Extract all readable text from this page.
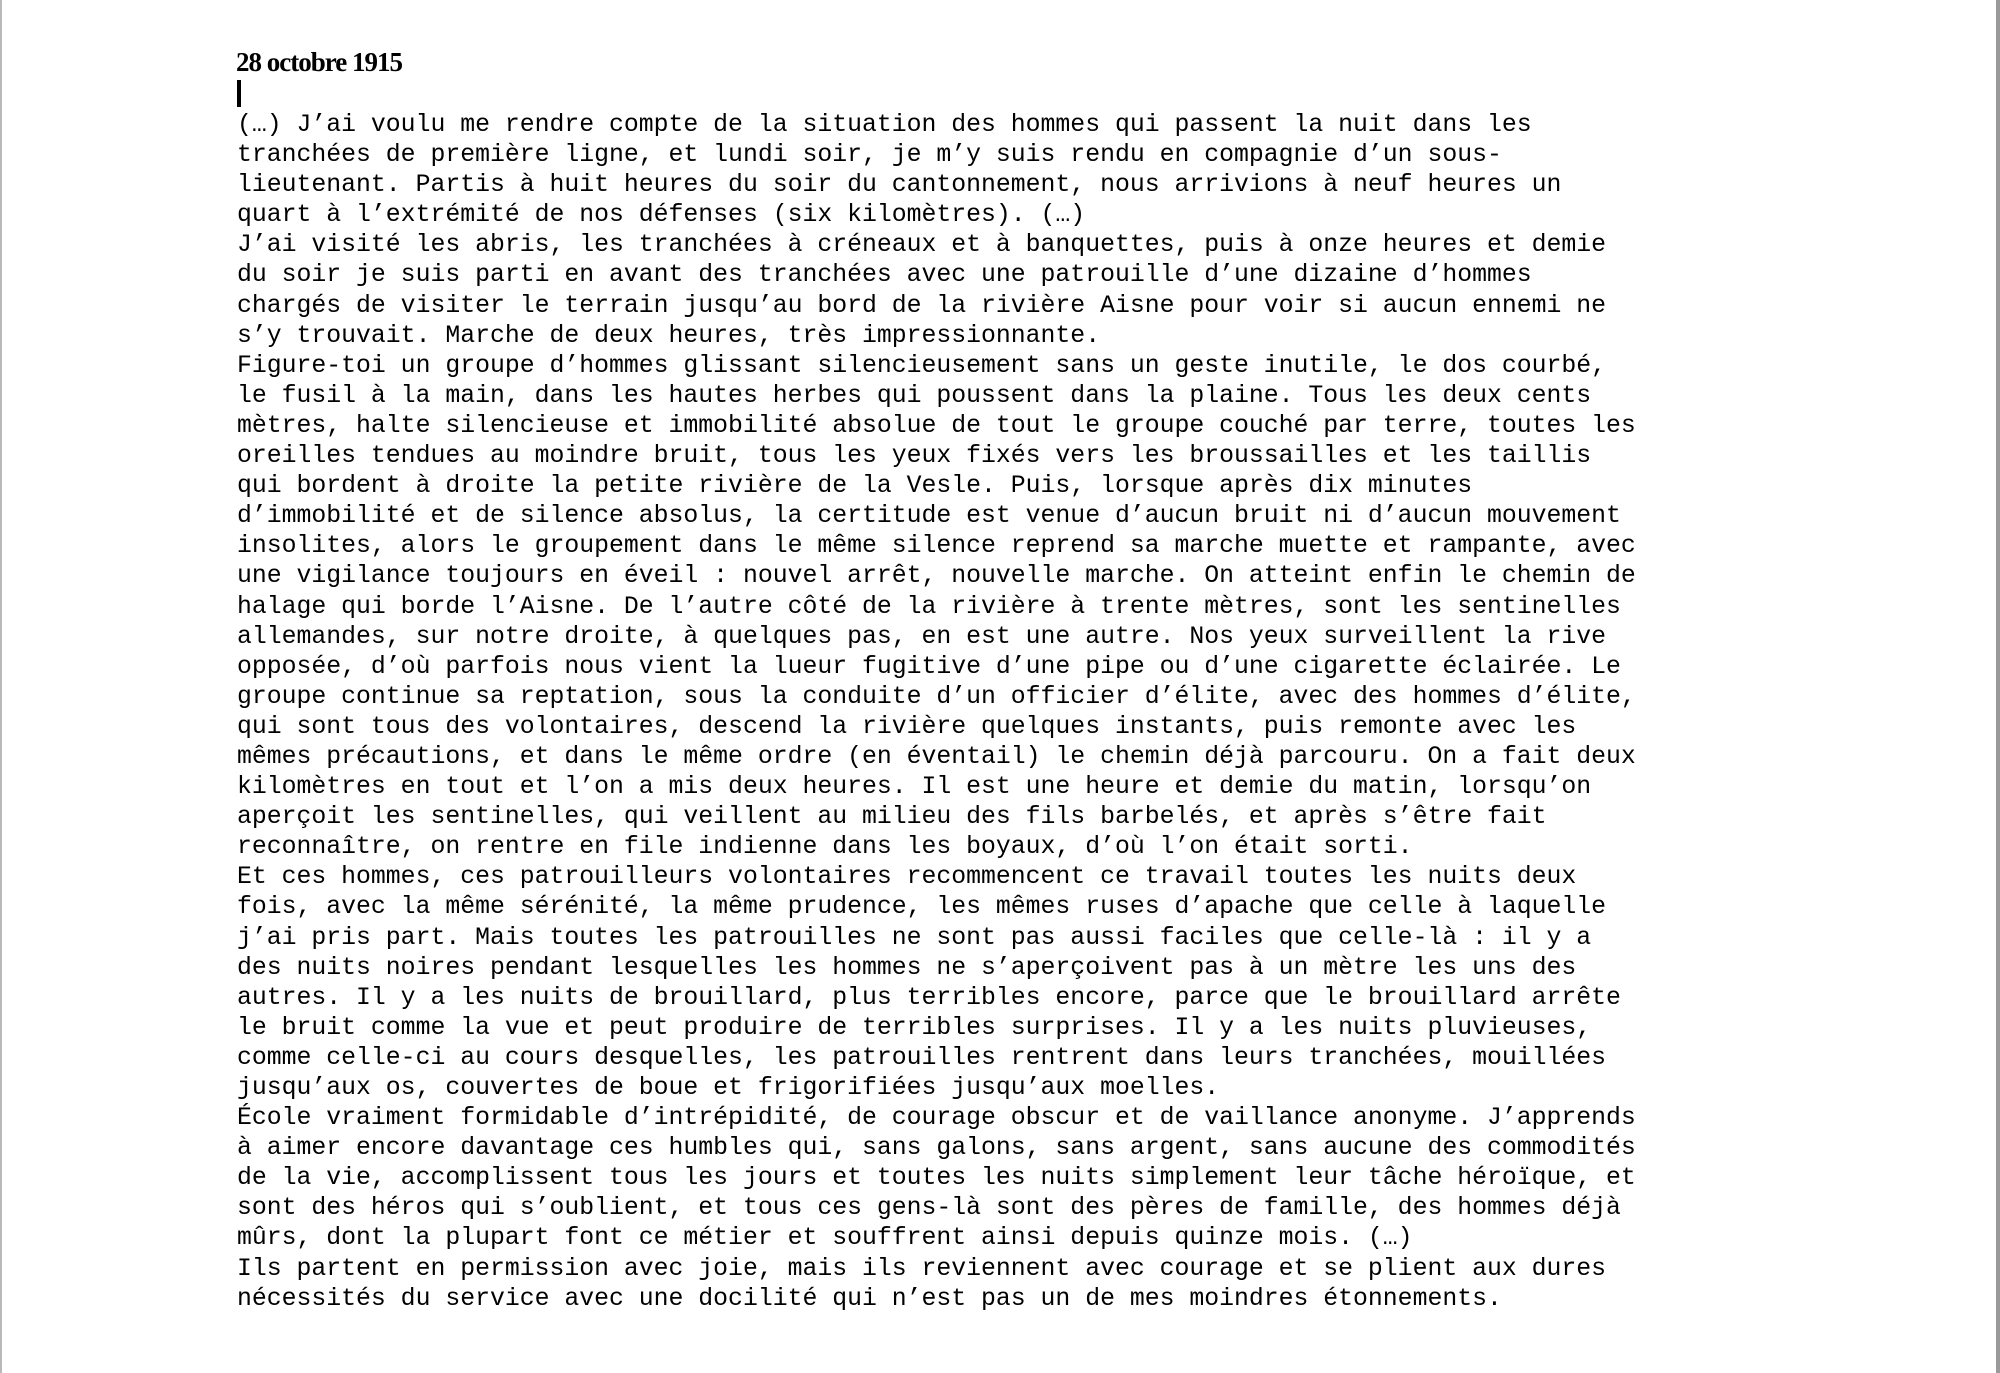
28 octobre 1915
(…) J’ai voulu me rendre compte de la situation des hommes qui passent la nuit dans les
tranchées de première ligne, et lundi soir, je m’y suis rendu en compagnie d’un sous-
lieutenant. Partis à huit heures du soir du cantonnement, nous arrivions à neuf heures un
quart à l’extrémité de nos défenses (six kilomètres). (…)
J’ai visité les abris, les tranchées à créneaux et à banquettes, puis à onze heures et demie
du soir je suis parti en avant des tranchées avec une patrouille d’une dizaine d’hommes
chargés de visiter le terrain jusqu’au bord de la rivière Aisne pour voir si aucun ennemi ne
s’y trouvait. Marche de deux heures, très impressionnante.
Figure-toi un groupe d’hommes glissant silencieusement sans un geste inutile, le dos courbé,
le fusil à la main, dans les hautes herbes qui poussent dans la plaine. Tous les deux cents
mètres, halte silencieuse et immobilité absolue de tout le groupe couché par terre, toutes les
oreilles tendues au moindre bruit, tous les yeux fixés vers les broussailles et les taillis
qui bordent à droite la petite rivière de la Vesle. Puis, lorsque après dix minutes
d’immobilité et de silence absolus, la certitude est venue d’aucun bruit ni d’aucun mouvement
insolites, alors le groupement dans le même silence reprend sa marche muette et rampante, avec
une vigilance toujours en éveil : nouvel arrêt, nouvelle marche. On atteint enfin le chemin de
halage qui borde l’Aisne. De l’autre côté de la rivière à trente mètres, sont les sentinelles
allemandes, sur notre droite, à quelques pas, en est une autre. Nos yeux surveillent la rive
opposée, d’où parfois nous vient la lueur fugitive d’une pipe ou d’une cigarette éclairée. Le
groupe continue sa reptation, sous la conduite d’un officier d’élite, avec des hommes d’élite,
qui sont tous des volontaires, descend la rivière quelques instants, puis remonte avec les
mêmes précautions, et dans le même ordre (en éventail) le chemin déjà parcouru. On a fait deux
kilomètres en tout et l’on a mis deux heures. Il est une heure et demie du matin, lorsqu’on
aperçoit les sentinelles, qui veillent au milieu des fils barbelés, et après s’être fait
reconnaître, on rentre en file indienne dans les boyaux, d’où l’on était sorti.
Et ces hommes, ces patrouilleurs volontaires recommencent ce travail toutes les nuits deux
fois, avec la même sérénité, la même prudence, les mêmes ruses d’apache que celle à laquelle
j’ai pris part. Mais toutes les patrouilles ne sont pas aussi faciles que celle-là : il y a
des nuits noires pendant lesquelles les hommes ne s’aperçoivent pas à un mètre les uns des
autres. Il y a les nuits de brouillard, plus terribles encore, parce que le brouillard arrête
le bruit comme la vue et peut produire de terribles surprises. Il y a les nuits pluvieuses,
comme celle-ci au cours desquelles, les patrouilles rentrent dans leurs tranchées, mouillées
jusqu’aux os, couvertes de boue et frigorifiées jusqu’aux moelles.
École vraiment formidable d’intrépidité, de courage obscur et de vaillance anonyme. J’apprends
à aimer encore davantage ces humbles qui, sans galons, sans argent, sans aucune des commodités
de la vie, accomplissent tous les jours et toutes les nuits simplement leur tâche héroïque, et
sont des héros qui s’oublient, et tous ces gens-là sont des pères de famille, des hommes déjà
mûrs, dont la plupart font ce métier et souffrent ainsi depuis quinze mois. (…)
Ils partent en permission avec joie, mais ils reviennent avec courage et se plient aux dures
nécessités du service avec une docilité qui n’est pas un de mes moindres étonnements.
